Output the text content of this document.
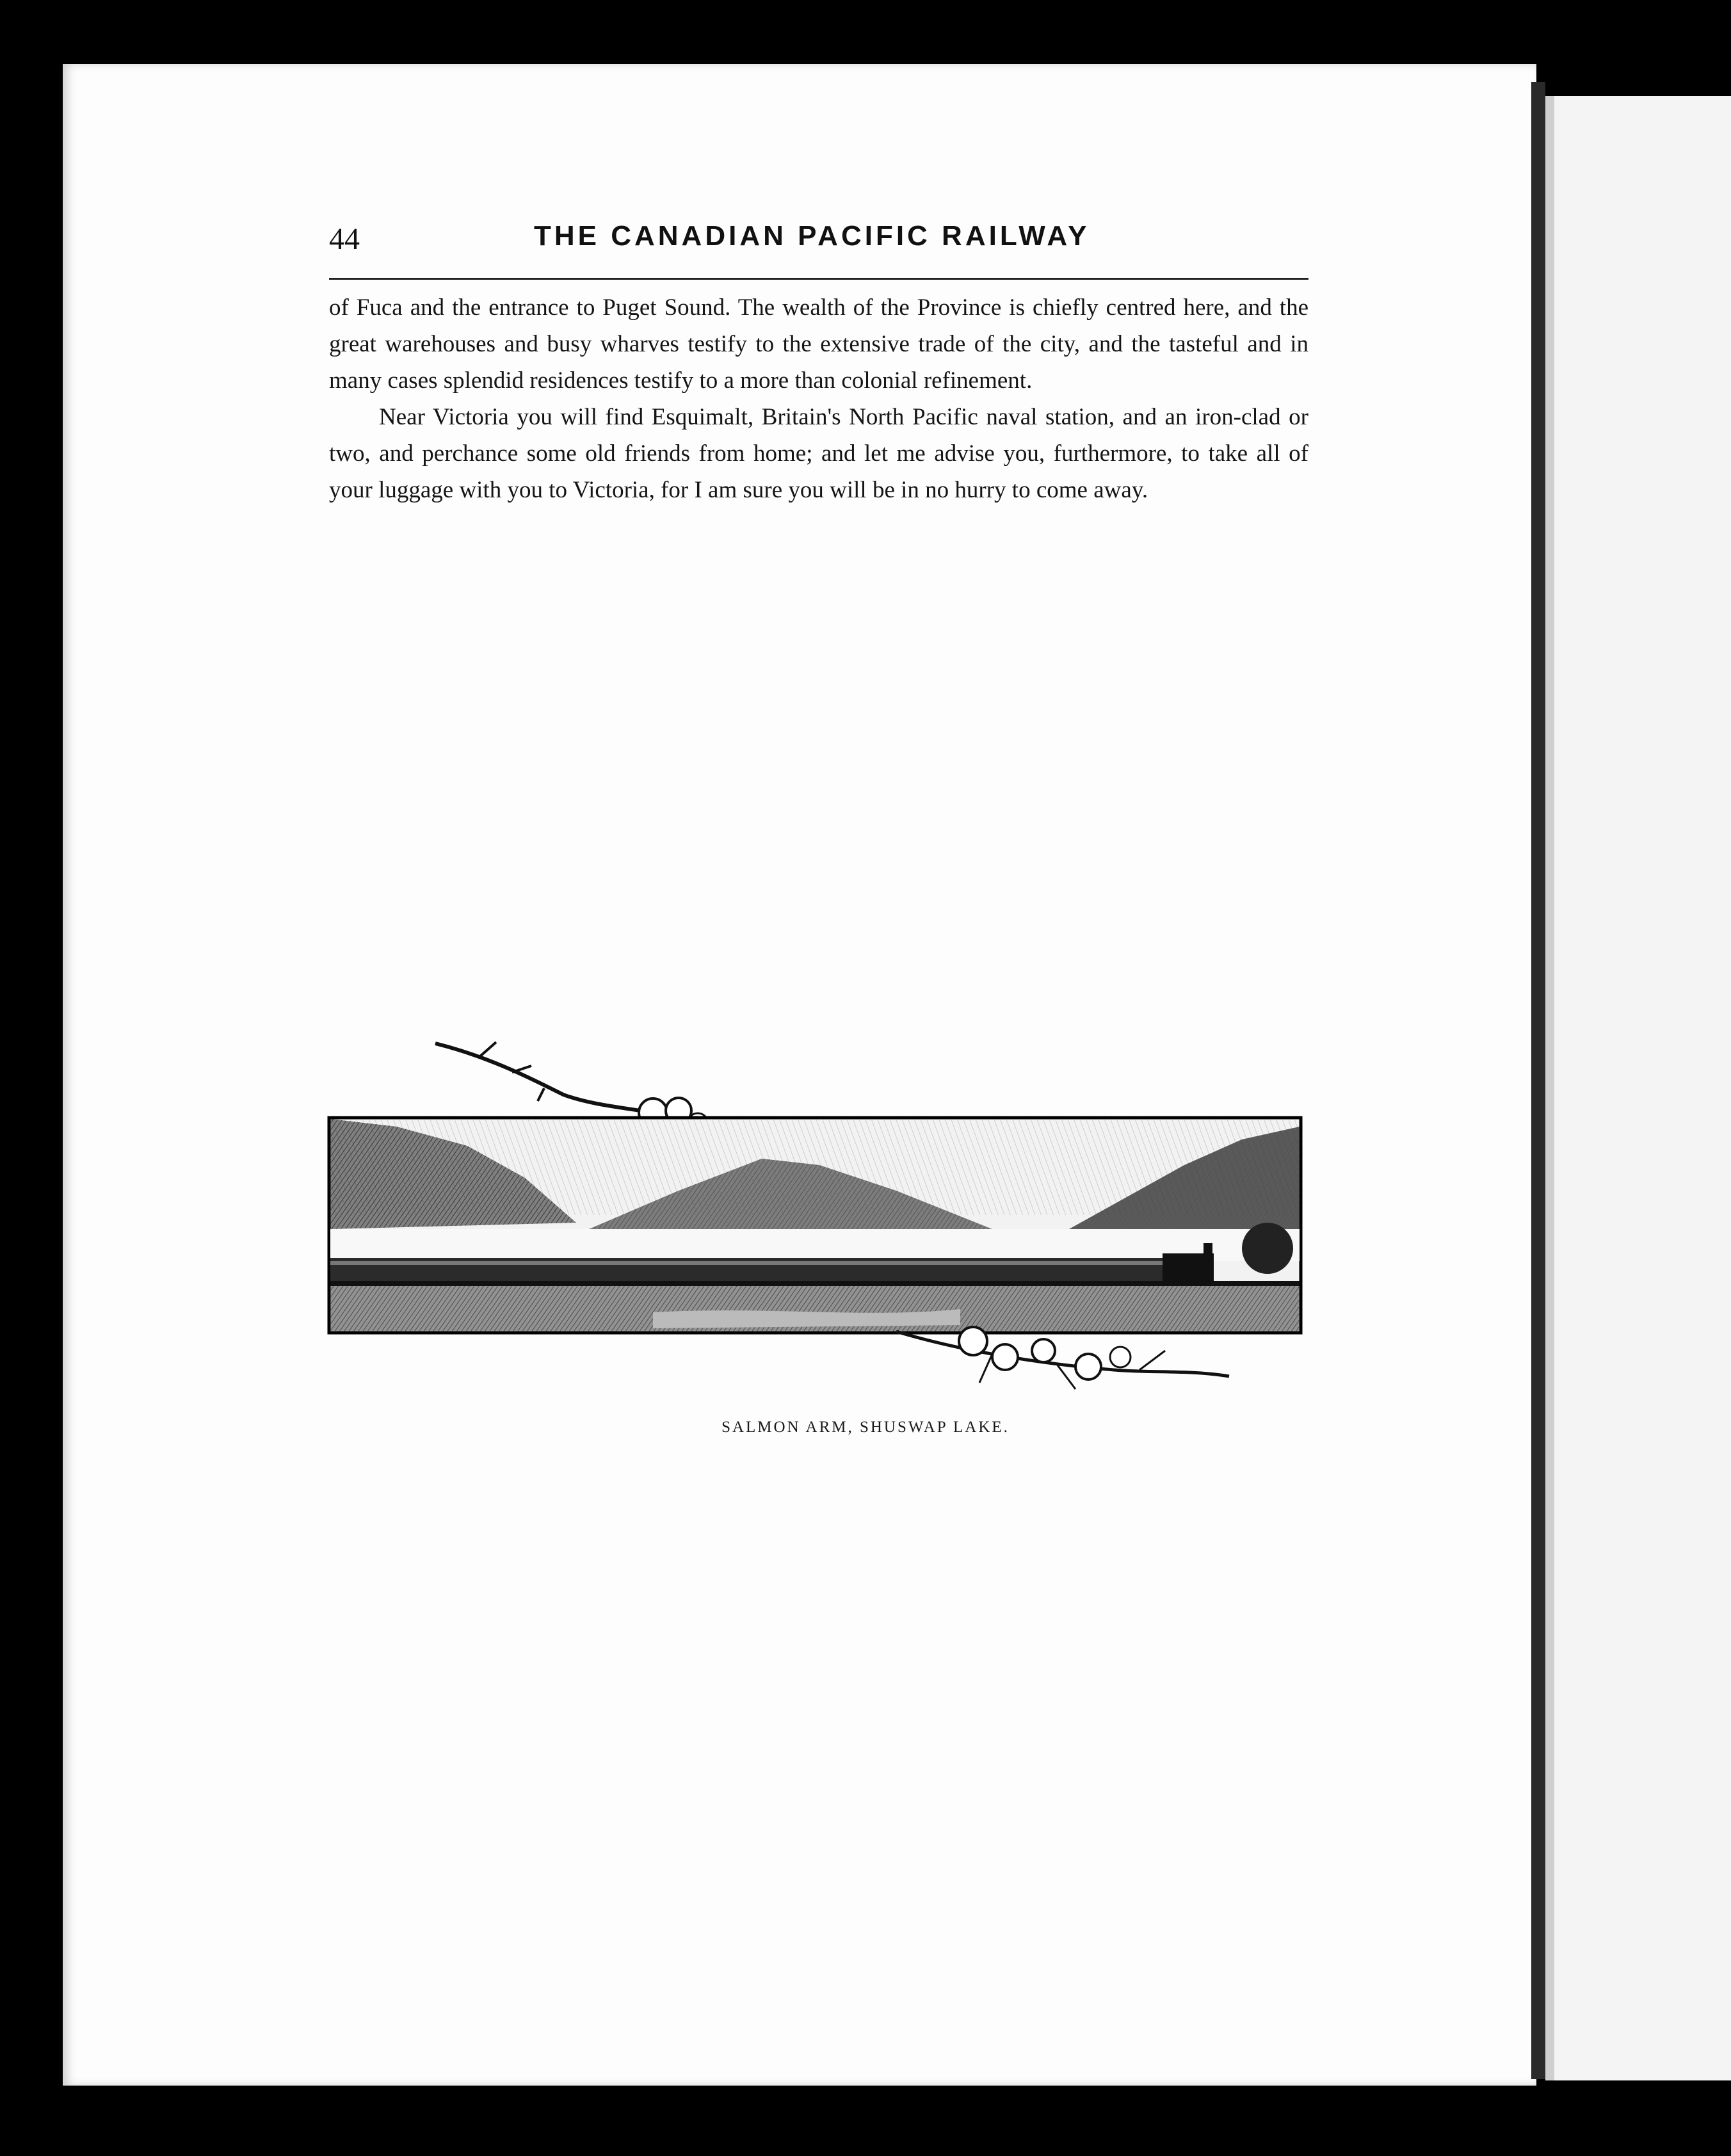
44	THE CANADIAN PACIFIC RAILWAY

of Fuca and the entrance to Puget Sound. The wealth of the Province is chiefly centred here, and the great warehouses and busy wharves testify to the extensive trade of the city, and the tasteful and in many cases splendid residences testify to a more than colonial refinement.

Near Victoria you will find Esquimalt, Britain's North Pacific naval station, and an iron-clad or two, and perchance some old friends from home; and let me advise you, furthermore, to take all of your luggage with you to Victoria, for I am sure you will be in no hurry to come away.

SALMON ARM, SHUSWAP LAKE.
